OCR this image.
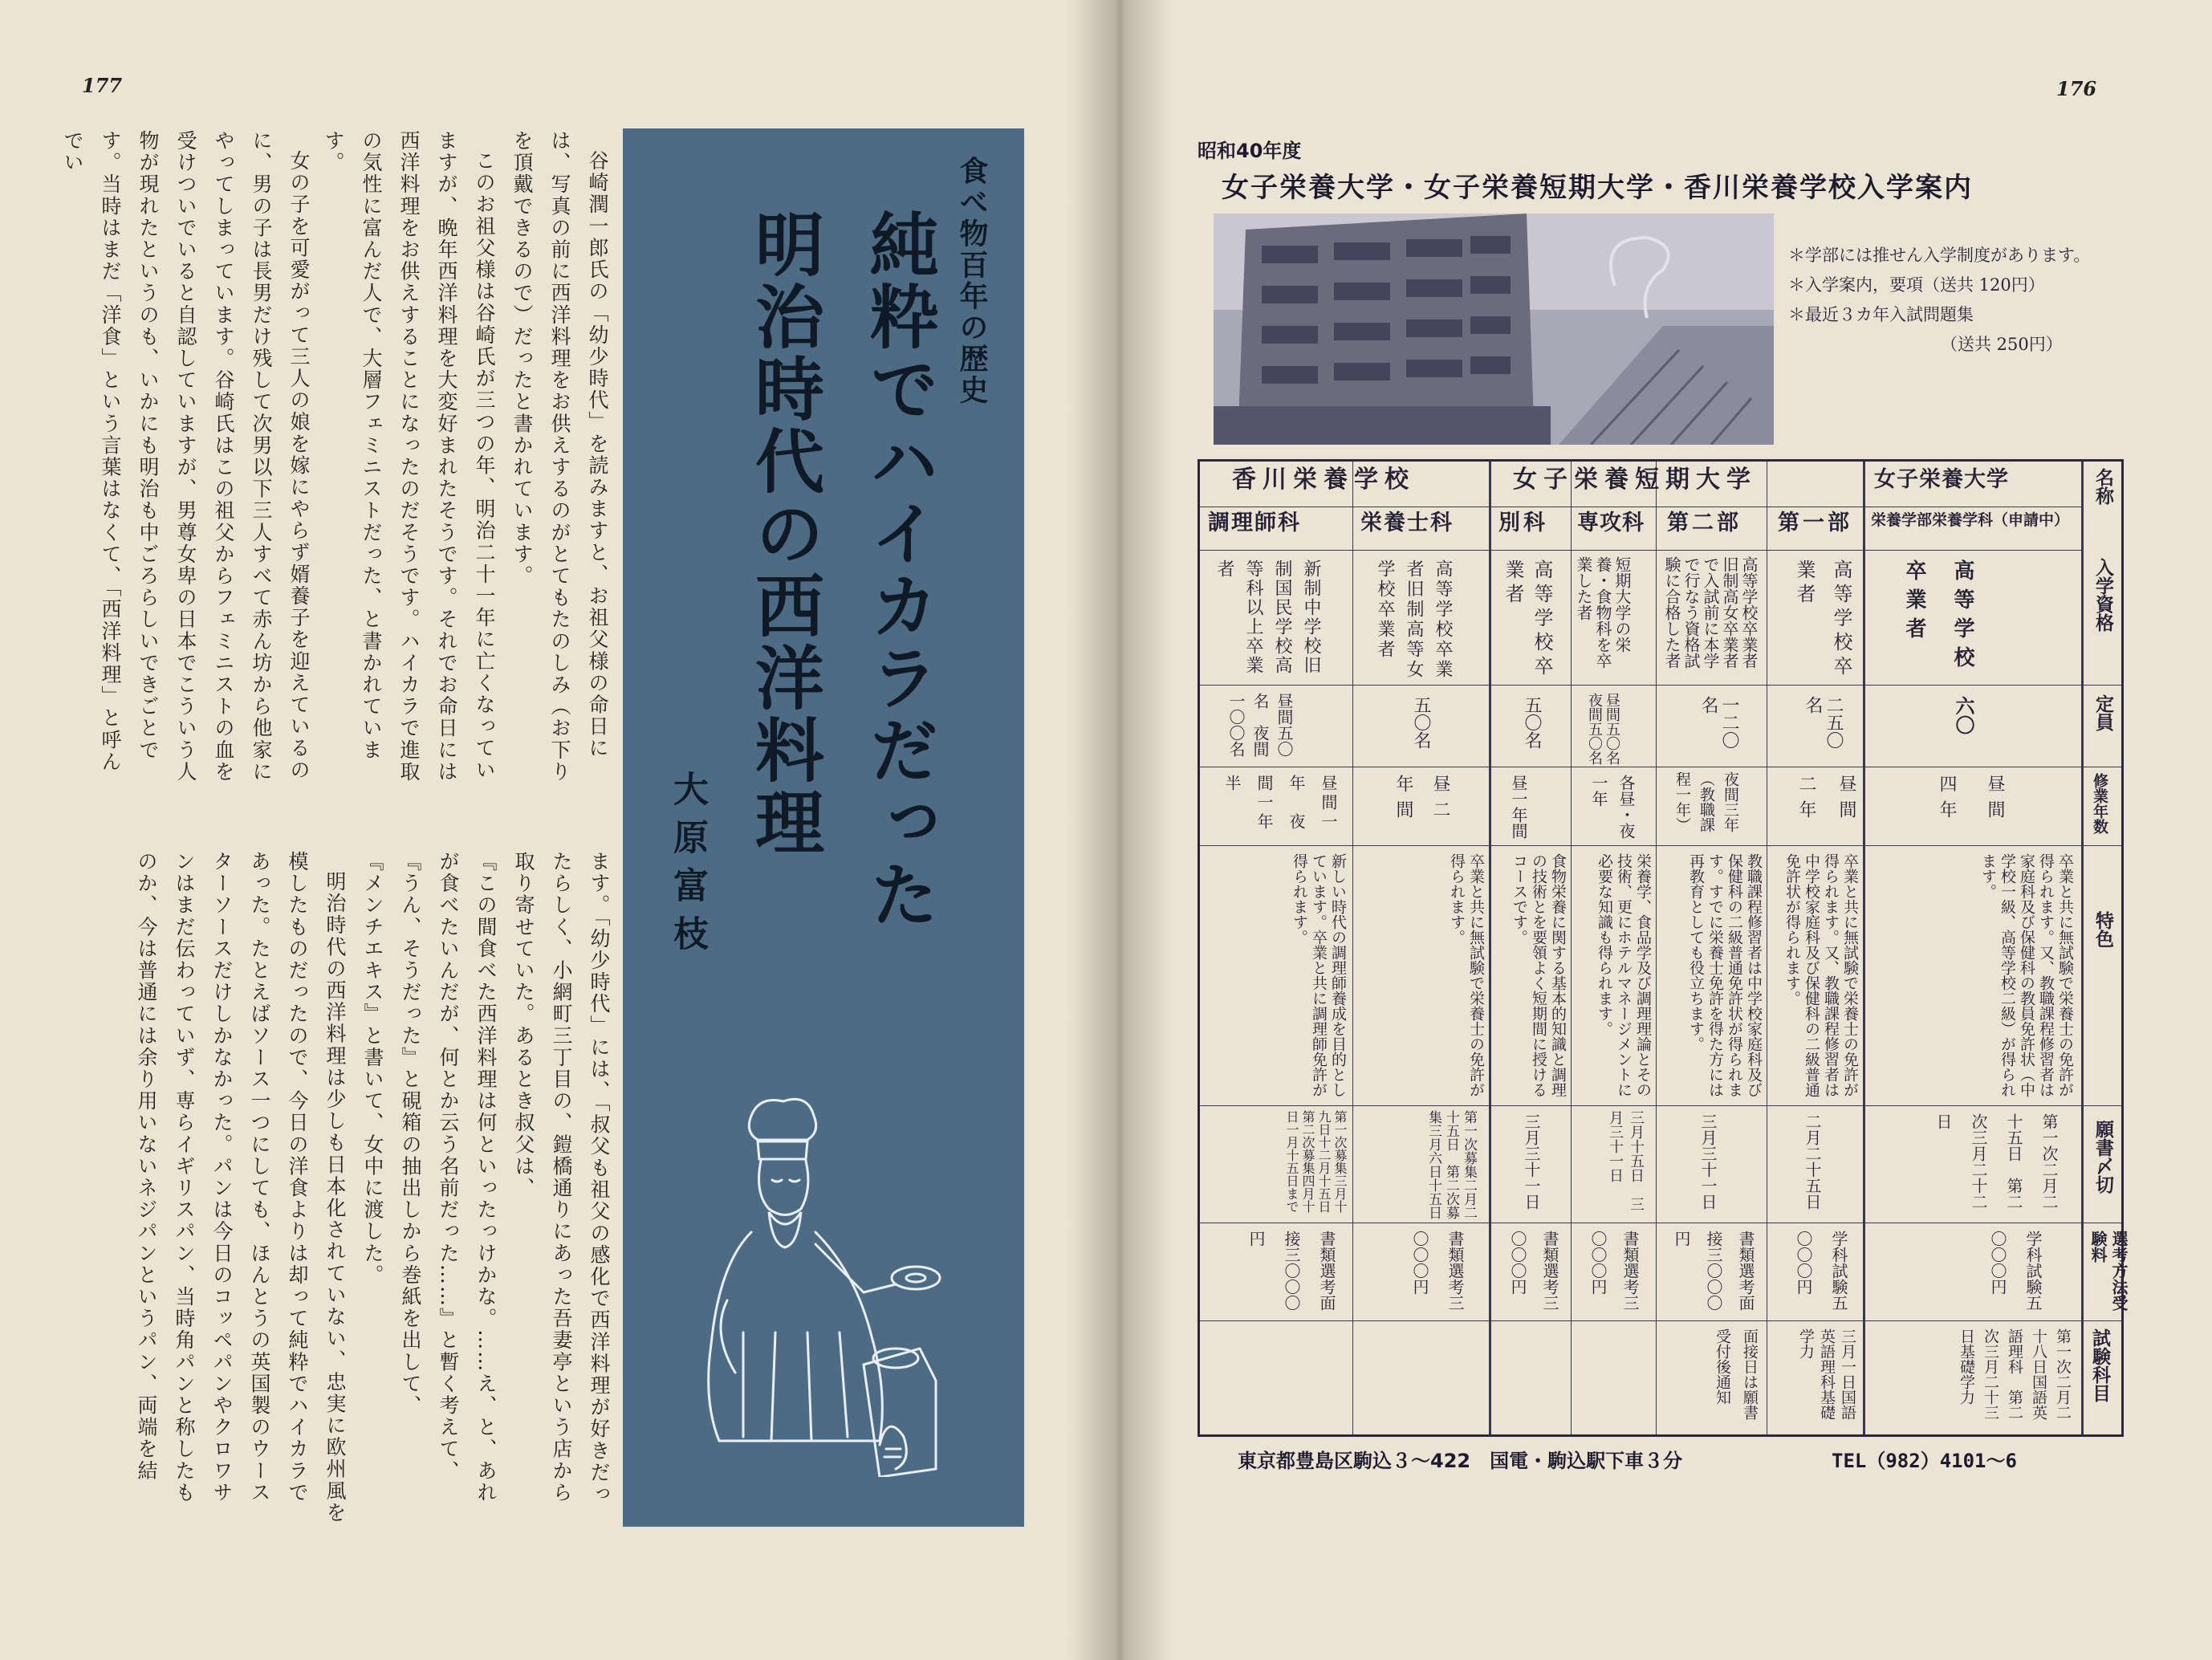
177

谷崎潤一郎氏の「幼少時代」を読みますと、お祖父様の命日には、写真の前に西洋料理をお供えするのがとてもたのしみ（お下りを頂戴できるので）だったと書かれています。

このお祖父様は谷崎氏が三つの年、明治二十一年に亡くなっていますが、晩年西洋料理を大変好まれたそうです。それでお命日には西洋料理をお供えすることになったのだそうです。ハイカラで進取の気性に富んだ人で、大層フェミニストだった、と書かれています。

女の子を可愛がって三人の娘を嫁にやらず婿養子を迎えているのに、男の子は長男だけ残して次男以下三人すべて赤ん坊から他家にやってしまっています。谷崎氏はこの祖父からフェミニストの血を受けついでいると自認していますが、男尊女卑の日本でこういう人物が現れたというのも、いかにも明治も中ごろらしいできごとです。当時はまだ「洋食」という言葉はなくて、「西洋料理」と呼んでい

ます。「幼少時代」には、「叔父も祖父の感化で西洋料理が好きだったらしく、小網町三丁目の、鎧橋通りにあった吾妻亭という店から取り寄せていた。あるとき叔父は、

『この間食べた西洋料理は何といったっけかな。……え、と、あれが食べたいんだが、何とか云う名前だった……』と暫く考えて、

『うん、そうだった』と硯箱の抽出しから巻紙を出して、

『メンチエキス』と書いて、女中に渡した。

明治時代の西洋料理は少しも日本化されていない、忠実に欧州風を模したものだったので、今日の洋食よりは却って純粋でハイカラであった。たとえばソース一つにしても、ほんとうの英国製のウースターソースだけしかなかった。パンは今日のコッペパンやクロワサンはまだ伝わっていず、専らイギリスパン、当時角パンと称したものか、今は普通には余り用いないネジパンというパン、両端を結

食べ物百年の歴史
純粋でハイカラだった
明治時代の西洋料理
大原富枝
176
昭和40年度
女子栄養大学・女子栄養短期大学・香川栄養学校入学案内
＊学部には推せん入学制度があります。
＊入学案内，要項（送共 120円）
＊最近３カ年入試問題集
（送共 250円）
名称
入学資格
定員
修業年数
特色
願書〆切
選考方法受験料
試験科目
女子栄養大学
女子栄養短期大学
香川栄養学校
栄養学部栄養学科（申請中）
第一部
第二部
専攻科
別科
栄養士科
調理師科
高等学校卒業者
高等学校卒業者
高等学校卒業者旧制高女卒業者で入試前に本学で行なう資格試験に合格した者
短期大学の栄養・食物科を卒業した者
高等学校卒業者
高等学校卒業者旧制高等女学校卒業者
新制中学校旧制国民学校高等科以上卒業者
六〇
二五〇名
一二〇名
昼間五〇名　夜間五〇名
五〇名
五〇名
昼間五〇名　夜間一〇〇名
昼間四年
昼間二年
夜間三年（教職課程一年）
各昼・夜一年
昼一年間
昼二年間
昼間一年　夜間一年半
卒業と共に無試験で栄養士の免許が得られます。又、教職課程修習者は家庭科及び保健科の教員免許状（中学校一級、高等学校二級）が得られます。
卒業と共に無試験で栄養士の免許が得られます。又、教職課程修習者は中学校家庭科及び保健科の二級普通免許状が得られます。
教職課程修習者は中学校家庭科及び保健科の二級普通免許状が得られます。すでに栄養士免許を得た方には再教育としても役立ちます。
栄養学、食品学及び調理理論とその技術、更にホテルマネージメントに必要な知識も得られます。
食物栄養に関する基本的知識と調理の技術とを要領よく短期間に授けるコースです。
卒業と共に無試験で栄養士の免許が得られます。
新しい時代の調理師養成を目的としています。卒業と共に調理師免許が得られます。
第一次二月二十五日　第二次三月二十二日
二月二十五日
三月三十一日
三月十五日　三月三十一日
三月三十一日
第一次募集二月二十五日　第二次募集三月六日十五日
第一次募集三月十九日十二月十五日　第二次募集四月十日一月十五日まで
学科試験五〇〇〇円
学科試験五〇〇〇円
書類選考面接三〇〇〇円
書類選考三〇〇〇円
書類選考三〇〇〇円
書類選考三〇〇〇円
書類選考面接三〇〇〇円
第一次二月二十八日国語英語理科　第二次三月二十三日基礎学力
三月一日国語英語理科基礎学力
面接日は願書受付後通知
東京都豊島区駒込３〜422　国電・駒込駅下車３分	TEL（982）4101〜6
